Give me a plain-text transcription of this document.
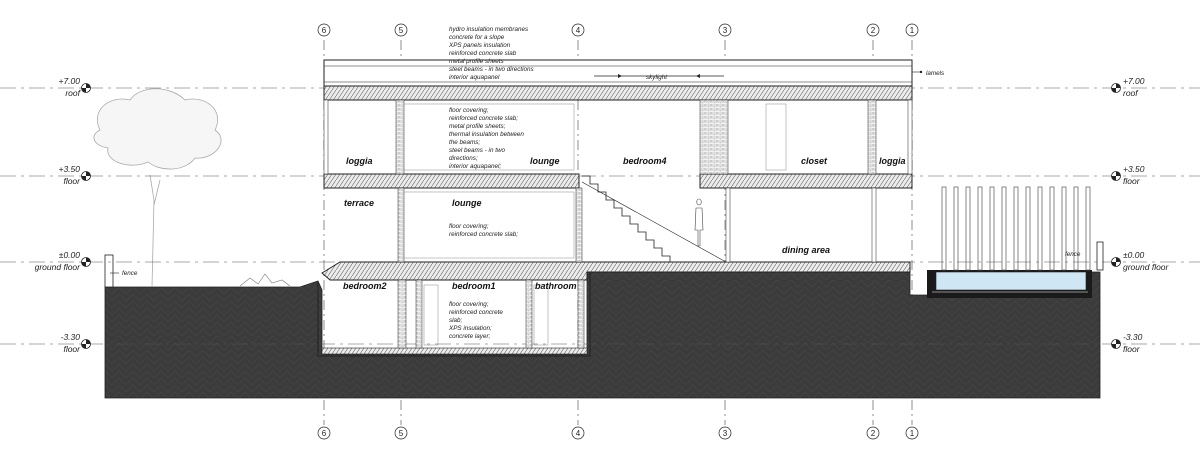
6	5	4	3	2	1
6	5	4	3	2	1
+7.00
roof
+3.50
floor
±0.00
ground floor
-3.30
floor
+7.00
roof
+3.50
floor
±0.00
ground floor
-3.30
floor
loggia	lounge	bedroom4	closet	loggia
terrace	lounge
dining area
bedroom2	bedroom1	bathroom
skylight
lamels
fence
fence
hydro insulation membranes
concrete for a slope
XPS panels insulation
reinforced concrete slab
metal profile sheets
steel beams - in two directions
interior aquapanel
floor covering;
reinforced concrete slab;
metal profile sheets;
thermal insulation between
the beams;
steel beams - in two
directions;
interior aquapanel;
floor covering;
reinforced concrete slab;
floor covering;
reinforced concrete
slab;
XPS insulation;
concrete layer;
